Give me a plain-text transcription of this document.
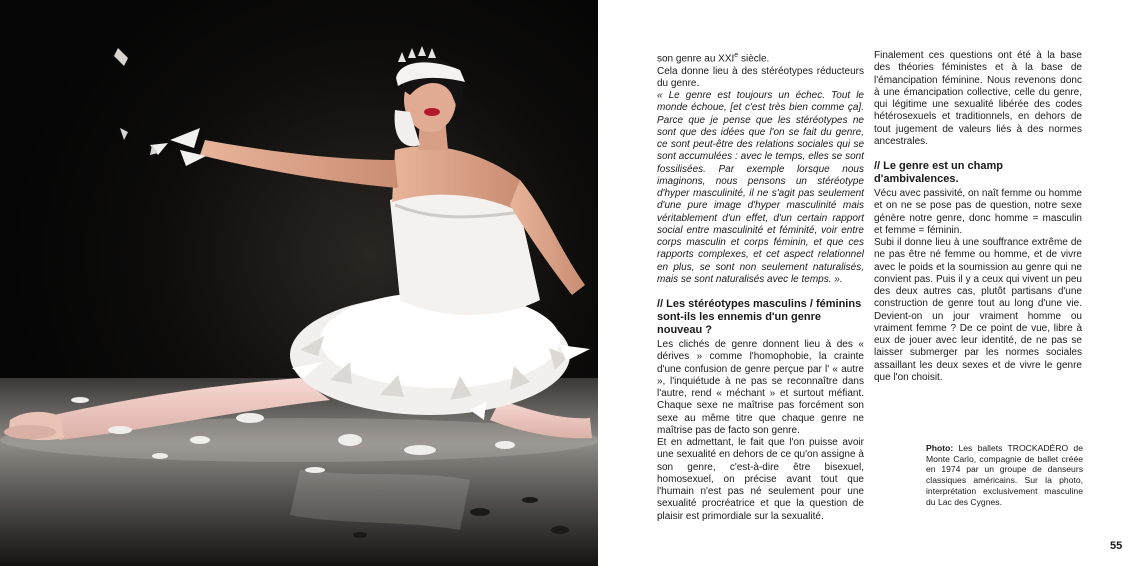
son genre au XXIe siècle.

Cela donne lieu à des stéréotypes réducteurs du genre.

« Le genre est toujours un échec. Tout le monde échoue, [et c'est très bien comme ça]. Parce que je pense que les stéréotypes ne sont que des idées que l'on se fait du genre, ce sont peut-être des relations sociales qui se sont accumulées : avec le temps, elles se sont fossilisées. Par exemple lorsque nous imaginons, nous pensons un stéréotype d'hyper masculinité, il ne s'agit pas seulement d'une pure image d'hyper masculinité mais véritablement d'un effet, d'un certain rapport social entre masculinité et féminité, voir entre corps masculin et corps féminin, et que ces rapports complexes, et cet aspect relationnel en plus, se sont non seulement naturalisés, mais se sont naturalisés avec le temps. ».

// Les stéréotypes masculins / féminins sont-ils les ennemis d'un genre nouveau ?

Les clichés de genre donnent lieu à des « dérives » comme l'homophobie, la crainte d'une confusion de genre perçue par l' « autre », l'inquiétude à ne pas se reconnaître dans l'autre, rend « méchant » et surtout méfiant. Chaque sexe ne maîtrise pas forcément son sexe au même titre que chaque genre ne maîtrise pas de facto son genre.

Et en admettant, le fait que l'on puisse avoir une sexualité en dehors de ce qu'on assigne à son genre, c'est-à-dire être bisexuel, homosexuel, on précise avant tout que l'humain n'est pas né seulement pour une sexualité procréatrice et que la question de plaisir est primordiale sur la sexualité.

Finalement ces questions ont été à la base des théories féministes et à la base de l'émancipation féminine. Nous revenons donc à une émancipation collective, celle du genre, qui légitime une sexualité libérée des codes hétérosexuels et traditionnels, en dehors de tout jugement de valeurs liés à des normes ancestrales.

// Le genre est un champ d'ambivalences.

Vécu avec passivité, on naît femme ou homme et on ne se pose pas de question, notre sexe génère notre genre, donc homme = masculin et femme = féminin.

Subi il donne lieu à une souffrance extrême de ne pas être né femme ou homme, et de vivre avec le poids et la soumission au genre qui ne convient pas. Puis il y a ceux qui vivent un peu des deux autres cas, plutôt partisans d'une construction de genre tout au long d'une vie. Devient-on un jour vraiment homme ou vraiment femme ? De ce point de vue, libre à eux de jouer avec leur identité, de ne pas se laisser submerger par les normes sociales assaillant les deux sexes et de vivre le genre que l'on choisit.

Photo: Les ballets TROCKADÉRO de Monte Carlo, compagnie de ballet créée en 1974 par un groupe de danseurs classiques américains. Sur la photo, interprétation exclusivement masculine du Lac des Cygnes.
55
